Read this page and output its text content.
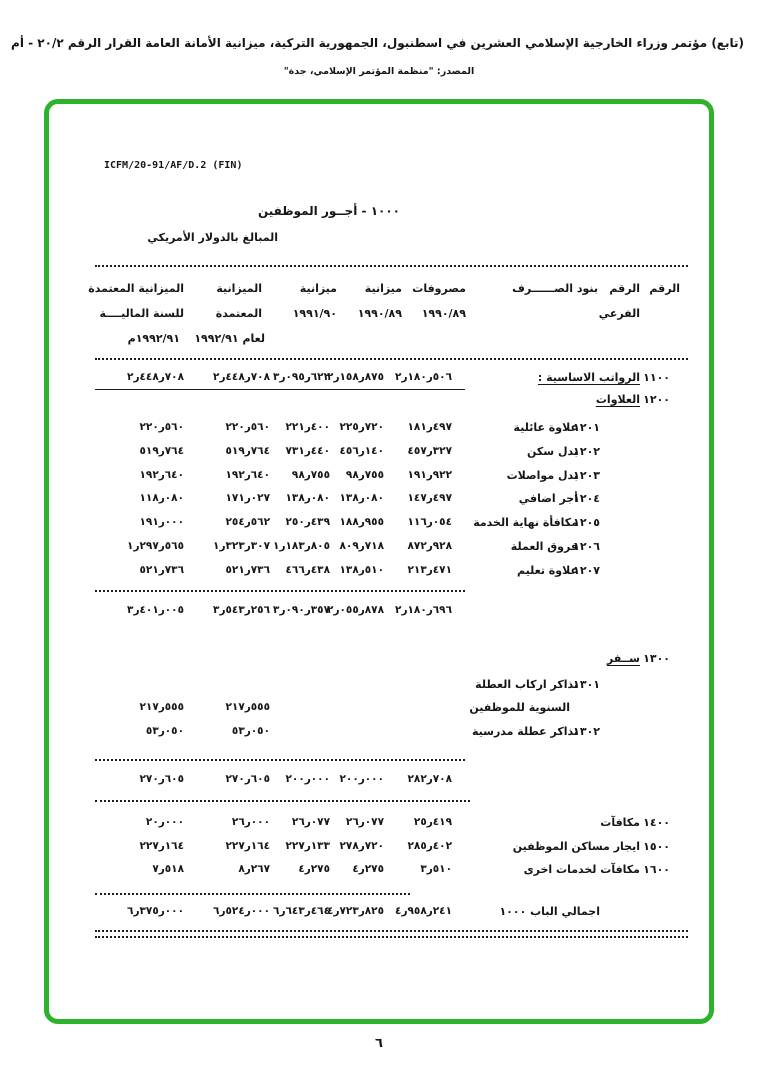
(تابع) مؤتمر وزراء الخارجية الإسلامي العشرين في اسطنبول، الجمهورية التركية، ميزانية الأمانة العامة القرار الرقم ٢٠/٢ - أم
المصدر: "منظمة المؤتمر الإسلامي، جدة"
ICFM/20-91/AF/D.2 (FIN)
١٠٠٠ - أجــور الموظفين
المبالغ بالدولار الأمريكي
الرقم
الرقم
الفرعي
بنود الصــــــرف
مصروفات
١٩٩٠/٨٩
ميزانية
١٩٩٠/٨٩
ميزانية
١٩٩١/٩٠
الميزانية
المعتمدة
لعام ١٩٩٢/٩١
الميزانية المعتمدة
للسنة الماليــــة
١٩٩٢/٩١م
١١٠٠
الرواتب الاساسية :
٢ر١٨٠ر٥٠٦
٢ر١٥٨ر٨٧٥
٣ر٠٩٥ر٦٢٢
٢ر٤٤٨ر٧٠٨
٢ر٤٤٨ر٧٠٨
١٢٠٠
العلاوات
١٢٠١
علاوة عائلية
١٨١ر٤٩٧
٢٢٥ر٧٢٠
٢٢١ر٤٠٠
٢٢٠ر٥٦٠
٢٢٠ر٥٦٠
١٢٠٢
بدل سكن
٤٥٧ر٣٢٧
٤٥٦ر١٤٠
٧٣١ر٤٤٠
٥١٩ر٧٦٤
٥١٩ر٧٦٤
١٢٠٣
بدل مواصلات
١٩١ر٩٢٢
٩٨ر٧٥٥
٩٨ر٧٥٥
١٩٢ر٦٤٠
١٩٢ر٦٤٠
١٢٠٤
أجر اضافي
١٤٧ر٤٩٧
١٣٨ر٠٨٠
١٣٨ر٠٨٠
١٧١ر٠٢٧
١١٨ر٠٨٠
١٢٠٥
مكافأة نهاية الخدمة
١١٦ر٠٥٤
١٨٨ر٩٥٥
٢٥٠ر٤٣٩
٢٥٤ر٥٦٢
١٩١ر٠٠٠
١٢٠٦
فروق العملة
٨٧٢ر٩٢٨
٨٠٩ر٧١٨
١ر١٨٣ر٨٠٥
١ر٣٢٣ر٣٠٧
١ر٢٩٧ر٥٦٥
١٢٠٧
علاوة تعليم
٢١٣ر٤٧١
١٣٨ر٥١٠
٤٦٦ر٤٣٨
٥٢١ر٧٣٦
٥٢١ر٧٣٦
٢ر١٨٠ر٦٩٦
٢ر٠٥٥ر٨٧٨
٣ر٠٩٠ر٣٥٧
٣ر٥٤٣ر٢٥٦
٣ر٤٠١ر٠٠٥
١٣٠٠
ســفر
١٣٠١
تذاكر اركاب العطلة
السنوية للموظفين
٢١٧ر٥٥٥
٢١٧ر٥٥٥
١٣٠٢
تذاكر عطلة مدرسية
٥٣ر٠٥٠
٥٣ر٠٥٠
٢٨٢ر٧٠٨
٢٠٠ر٠٠٠
٢٠٠ر٠٠٠
٢٧٠ر٦٠٥
٢٧٠ر٦٠٥
١٤٠٠
مكافآت
٢٥ر٤١٩
٢٦ر٠٧٧
٢٦ر٠٧٧
٢٦ر٠٠٠
٢٠ر٠٠٠
١٥٠٠
ايجار مساكن الموظفين
٢٨٥ر٤٠٢
٢٧٨ر٧٢٠
٢٢٧ر١٣٣
٢٢٧ر١٦٤
٢٢٧ر١٦٤
١٦٠٠
مكافآت لخدمات اخرى
٣ر٥١٠
٤ر٢٧٥
٤ر٢٧٥
٨ر٢٦٧
٧ر٥١٨
اجمالي الباب ١٠٠٠
٤ر٩٥٨ر٢٤١
٤ر٧٢٣ر٨٢٥
٦ر٦٤٣ر٤٦٤
٦ر٥٢٤ر٠٠٠
٦ر٣٧٥ر٠٠٠
٦
